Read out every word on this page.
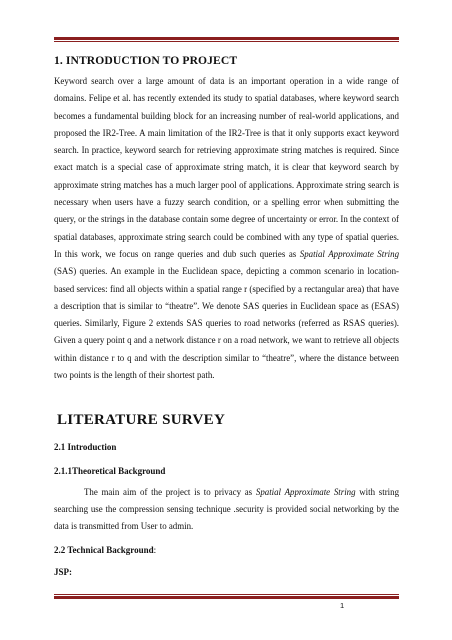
1. INTRODUCTION TO PROJECT

Keyword search over a large amount of data is an important operation in a wide range of domains. Felipe et al. has recently extended its study to spatial databases, where keyword search becomes a fundamental building block for an increasing number of real-world applications, and proposed the IR2-Tree. A main limitation of the IR2-Tree is that it only supports exact keyword search. In practice, keyword search for retrieving approximate string matches is required. Since exact match is a special case of approximate string match, it is clear that keyword search by approximate string matches has a much larger pool of applications. Approximate string search is necessary when users have a fuzzy search condition, or a spelling error when submitting the query, or the strings in the database contain some degree of uncertainty or error. In the context of spatial databases, approximate string search could be combined with any type of spatial queries. In this work, we focus on range queries and dub such queries as Spatial Approximate String (SAS) queries. An example in the Euclidean space, depicting a common scenario in location-based services: find all objects within a spatial range r (specified by a rectangular area) that have a description that is similar to “theatre”. We denote SAS queries in Euclidean space as (ESAS) queries. Similarly, Figure 2 extends SAS queries to road networks (referred as RSAS queries). Given a query point q and a network distance r on a road network, we want to retrieve all objects within distance r to q and with the description similar to “theatre”, where the distance between two points is the length of their shortest path.

LITERATURE SURVEY
2.1 Introduction
2.1.1Theoretical Background

The main aim of the project is to privacy as Spatial Approximate String with string searching use the compression sensing technique .security is provided social networking by the data is transmitted from User to admin.

2.2 Technical Background:
JSP:
1
